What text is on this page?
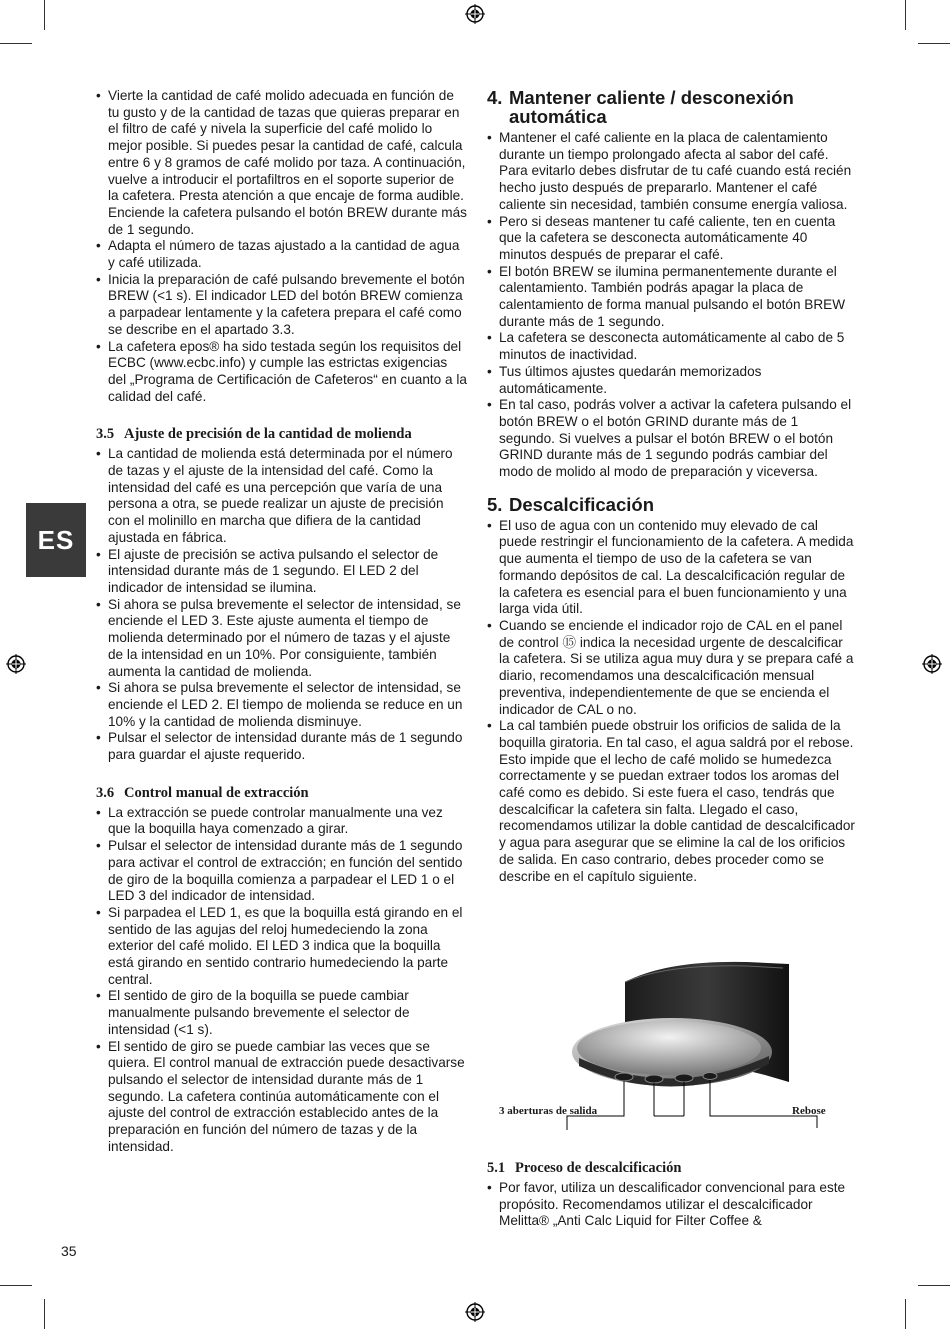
ES
• Vierte la cantidad de café molido adecuada en función de tu gusto y de la cantidad de tazas que quieras preparar en el filtro de café y nivela la superficie del café molido lo mejor posible. Si puedes pesar la cantidad de café, calcula entre 6 y 8 gramos de café molido por taza. A continuación, vuelve a introducir el portafiltros en el soporte superior de la cafetera. Presta atención a que encaje de forma audible. Enciende la cafetera pulsando el botón BREW durante más de 1 segundo.
• Adapta el número de tazas ajustado a la cantidad de agua y café utilizada.
• Inicia la preparación de café pulsando brevemente el botón BREW (<1 s). El indicador LED del botón BREW comienza a parpadear lentamente y la cafetera prepara el café como se describe en el apartado 3.3.
• La cafetera epos® ha sido testada según los requisitos del ECBC (www.ecbc.info) y cumple las estrictas exigencias del „Programa de Certificación de Cafeteros“ en cuanto a la calidad del café.
3.5 Ajuste de precisión de la cantidad de molienda
• La cantidad de molienda está determinada por el número de tazas y el ajuste de la intensidad del café. Como la intensidad del café es una percepción que varía de una persona a otra, se puede realizar un ajuste de precisión con el molinillo en marcha que difiera de la cantidad ajustada en fábrica.
• El ajuste de precisión se activa pulsando el selector de intensidad durante más de 1 segundo. El LED 2 del indicador de intensidad se ilumina.
• Si ahora se pulsa brevemente el selector de intensidad, se enciende el LED 3. Este ajuste aumenta el tiempo de molienda determinado por el número de tazas y el ajuste de la intensidad en un 10%. Por consiguiente, también aumenta la cantidad de molienda.
• Si ahora se pulsa brevemente el selector de intensidad, se enciende el LED 2. El tiempo de molienda se reduce en un 10% y la cantidad de molienda disminuye.
• Pulsar el selector de intensidad durante más de 1 segundo para guardar el ajuste requerido.
3.6 Control manual de extracción
• La extracción se puede controlar manualmente una vez que la boquilla haya comenzado a girar.
• Pulsar el selector de intensidad durante más de 1 segundo para activar el control de extracción; en función del sentido de giro de la boquilla comienza a parpadear el LED 1 o el LED 3 del indicador de intensidad.
• Si parpadea el LED 1, es que la boquilla está girando en el sentido de las agujas del reloj humedeciendo la zona exterior del café molido. El LED 3 indica que la boquilla está girando en sentido contrario humedeciendo la parte central.
• El sentido de giro de la boquilla se puede cambiar manualmente pulsando brevemente el selector de intensidad (<1 s).
• El sentido de giro se puede cambiar las veces que se quiera. El control manual de extracción puede desactivarse pulsando el selector de intensidad durante más de 1 segundo. La cafetera continúa automáticamente con el ajuste del control de extracción establecido antes de la preparación en función del número de tazas y de la intensidad.
4. Mantener caliente / desconexión automática
• Mantener el café caliente en la placa de calentamiento durante un tiempo prolongado afecta al sabor del café. Para evitarlo debes disfrutar de tu café cuando está recién hecho justo después de prepararlo. Mantener el café caliente sin necesidad, también consume energía valiosa.
• Pero si deseas mantener tu café caliente, ten en cuenta que la cafetera se desconecta automáticamente 40 minutos después de preparar el café.
• El botón BREW se ilumina permanentemente durante el calentamiento. También podrás apagar la placa de calentamiento de forma manual pulsando el botón BREW durante más de 1 segundo.
• La cafetera se desconecta automáticamente al cabo de 5 minutos de inactividad.
• Tus últimos ajustes quedarán memorizados automáticamente.
• En tal caso, podrás volver a activar la cafetera pulsando el botón BREW o el botón GRIND durante más de 1 segundo. Si vuelves a pulsar el botón BREW o el botón GRIND durante más de 1 segundo podrás cambiar del modo de molido al modo de preparación y viceversa.
5. Descalcificación
• El uso de agua con un contenido muy elevado de cal puede restringir el funcionamiento de la cafetera. A medida que aumenta el tiempo de uso de la cafetera se van formando depósitos de cal. La descalcificación regular de la cafetera es esencial para el buen funcionamiento y una larga vida útil.
• Cuando se enciende el indicador rojo de CAL en el panel de control ⑮ indica la necesidad urgente de descalcificar la cafetera. Si se utiliza agua muy dura y se prepara café a diario, recomendamos una descalcificación mensual preventiva, independientemente de que se encienda el indicador de CAL o no.
• La cal también puede obstruir los orificios de salida de la boquilla giratoria. En tal caso, el agua saldrá por el rebose. Esto impide que el lecho de café molido se humedezca correctamente y se puedan extraer todos los aromas del café como es debido. Si este fuera el caso, tendrás que descalcificar la cafetera sin falta. Llegado el caso, recomendamos utilizar la doble cantidad de descalcificador y agua para asegurar que se elimine la cal de los orificios de salida. En caso contrario, debes proceder como se describe en el capítulo siguiente.
3 aberturas de salida	Rebose
5.1 Proceso de descalcificación
• Por favor, utiliza un descalificador convencional para este propósito. Recomendamos utilizar el descalcificador Melitta® „Anti Calc Liquid for Filter Coffee &
35
